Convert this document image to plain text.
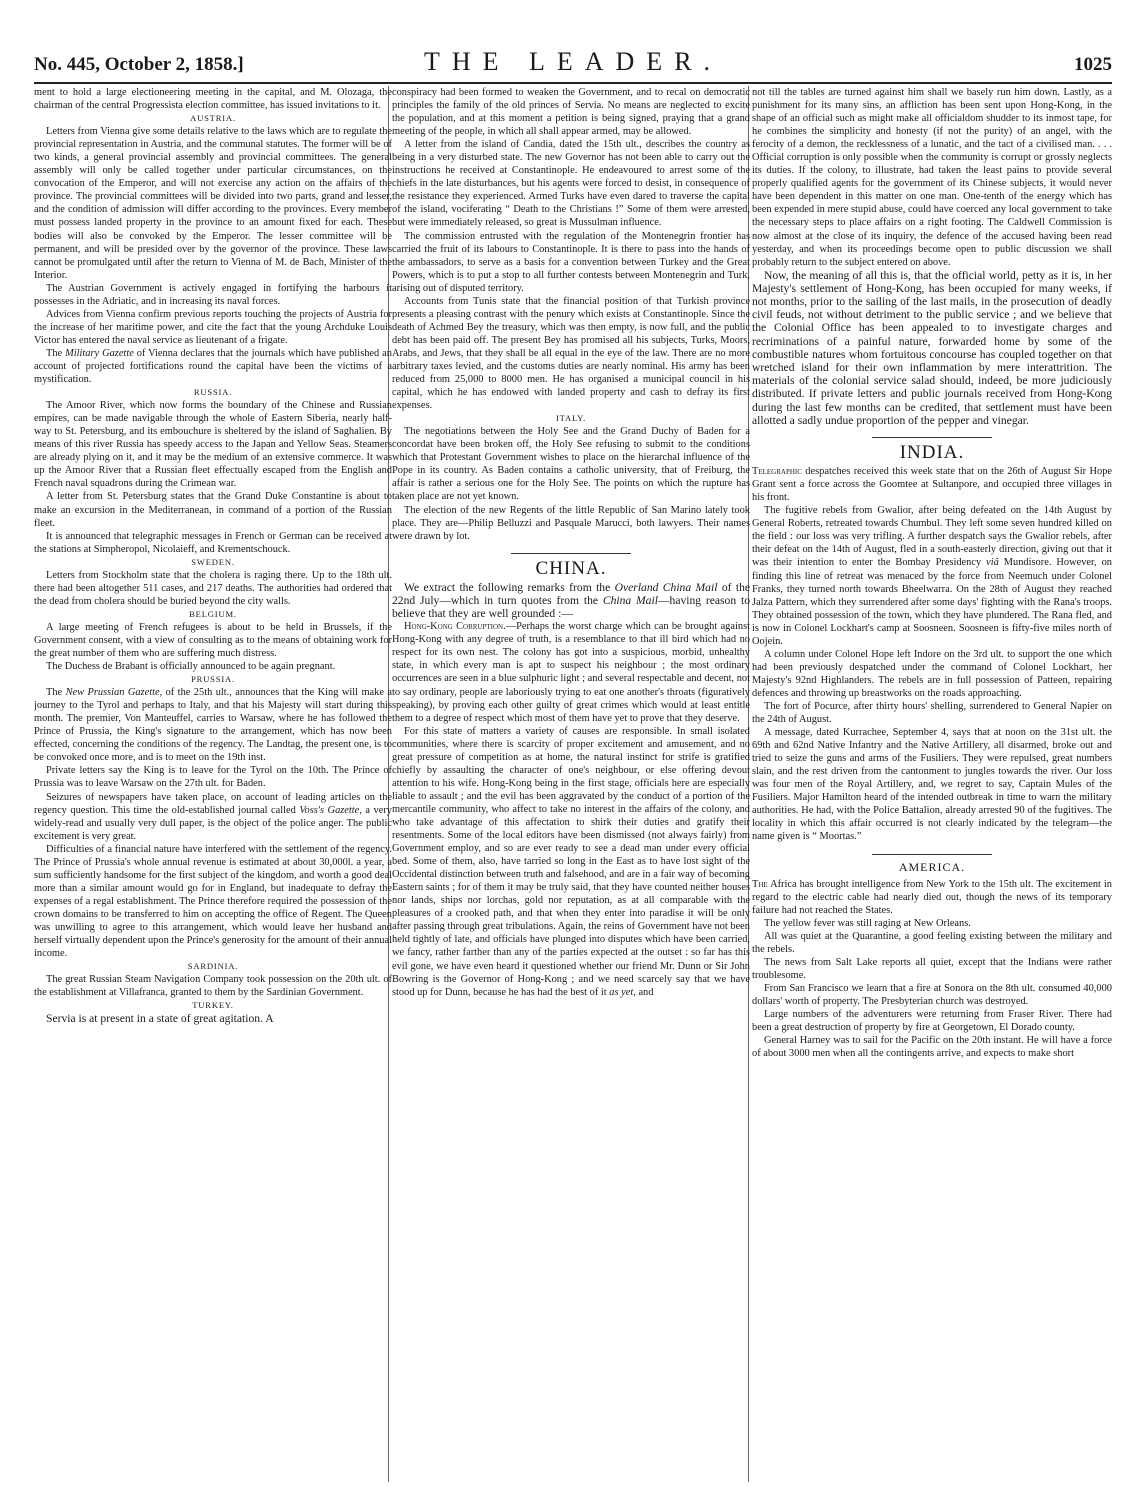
No. 445, October 2, 1858.]	THE LEADER.	1025

ment to hold a large electioneering meeting in the capital, and M. Olozaga, the chairman of the central Progressista election committee, has issued invitations to it.

AUSTRIA.

Letters from Vienna give some details relative to the laws which are to regulate the provincial representation in Austria, and the communal statutes. The former will be of two kinds, a general provincial assembly and provincial committees. The general assembly will only be called together under particular circumstances, on the convocation of the Emperor, and will not exercise any action on the affairs of the province. The provincial committees will be divided into two parts, grand and lesser, and the condition of admission will differ according to the provinces. Every member must possess landed property in the province to an amount fixed for each. These bodies will also be convoked by the Emperor. The lesser committee will be permanent, and will be presided over by the governor of the province. These laws cannot be promulgated until after the return to Vienna of M. de Bach, Minister of the Interior.

The Austrian Government is actively engaged in fortifying the harbours it possesses in the Adriatic, and in increasing its naval forces.

Advices from Vienna confirm previous reports touching the projects of Austria for the increase of her maritime power, and cite the fact that the young Archduke Louis Victor has entered the naval service as lieutenant of a frigate.

The Military Gazette of Vienna declares that the journals which have published an account of projected fortifications round the capital have been the victims of a mystification.

RUSSIA.

The Amoor River, which now forms the boundary of the Chinese and Russian empires, can be made navigable through the whole of Eastern Siberia, nearly half-way to St. Petersburg, and its embouchure is sheltered by the island of Saghalien. By means of this river Russia has speedy access to the Japan and Yellow Seas. Steamers are already plying on it, and it may be the medium of an extensive commerce. It was up the Amoor River that a Russian fleet effectually escaped from the English and French naval squadrons during the Crimean war.

A letter from St. Petersburg states that the Grand Duke Constantine is about to make an excursion in the Mediterranean, in command of a portion of the Russian fleet.

It is announced that telegraphic messages in French or German can be received at the stations at Simpheropol, Nicolaieff, and Krementschouck.

SWEDEN.

Letters from Stockholm state that the cholera is raging there. Up to the 18th ult. there had been altogether 511 cases, and 217 deaths. The authorities had ordered that the dead from cholera should be buried beyond the city walls.

BELGIUM.

A large meeting of French refugees is about to be held in Brussels, if the Government consent, with a view of consulting as to the means of obtaining work for the great number of them who are suffering much distress.

The Duchess de Brabant is officially announced to be again pregnant.

PRUSSIA.

The New Prussian Gazette, of the 25th ult., announces that the King will make a journey to the Tyrol and perhaps to Italy, and that his Majesty will start during this month. The premier, Von Manteuffel, carries to Warsaw, where he has followed the Prince of Prussia, the King's signature to the arrangement, which has now been effected, concerning the conditions of the regency. The Landtag, the present one, is to be convoked once more, and is to meet on the 19th inst.

Private letters say the King is to leave for the Tyrol on the 10th. The Prince of Prussia was to leave Warsaw on the 27th ult. for Baden.

Seizures of newspapers have taken place, on account of leading articles on the regency question. This time the old-established journal called Voss's Gazette, a very widely-read and usually very dull paper, is the object of the police anger. The public excitement is very great.

Difficulties of a financial nature have interfered with the settlement of the regency. The Prince of Prussia's whole annual revenue is estimated at about 30,000l. a year, a sum sufficiently handsome for the first subject of the kingdom, and worth a good deal more than a similar amount would go for in England, but inadequate to defray the expenses of a regal establishment. The Prince therefore required the possession of the crown domains to be transferred to him on accepting the office of Regent. The Queen was unwilling to agree to this arrangement, which would leave her husband and herself virtually dependent upon the Prince's generosity for the amount of their annual income.

SARDINIA.

The great Russian Steam Navigation Company took possession on the 20th ult. of the establishment at Villafranca, granted to them by the Sardinian Government.

TURKEY.

Servia is at present in a state of great agitation. A

conspiracy had been formed to weaken the Government, and to recal on democratic principles the family of the old princes of Servia. No means are neglected to excite the population, and at this moment a petition is being signed, praying that a grand meeting of the people, in which all shall appear armed, may be allowed.

A letter from the island of Candia, dated the 15th ult., describes the country as being in a very disturbed state. The new Governor has not been able to carry out the instructions he received at Constantinople. He endeavoured to arrest some of the chiefs in the late disturbances, but his agents were forced to desist, in consequence of the resistance they experienced. Armed Turks have even dared to traverse the capital of the island, vociferating “ Death to the Christians !” Some of them were arrested, but were immediately released, so great is Mussulman influence.

The commission entrusted with the regulation of the Montenegrin frontier has carried the fruit of its labours to Constantinople. It is there to pass into the hands of the ambassadors, to serve as a basis for a convention between Turkey and the Great Powers, which is to put a stop to all further contests between Montenegrin and Turk, arising out of disputed territory.

Accounts from Tunis state that the financial position of that Turkish province presents a pleasing contrast with the penury which exists at Constantinople. Since the death of Achmed Bey the treasury, which was then empty, is now full, and the public debt has been paid off. The present Bey has promised all his subjects, Turks, Moors, Arabs, and Jews, that they shall be all equal in the eye of the law. There are no more arbitrary taxes levied, and the customs duties are nearly nominal. His army has been reduced from 25,000 to 8000 men. He has organised a municipal council in his capital, which he has endowed with landed property and cash to defray its first expenses.

ITALY.

The negotiations between the Holy See and the Grand Duchy of Baden for a concordat have been broken off, the Holy See refusing to submit to the conditions which that Protestant Government wishes to place on the hierarchal influence of the Pope in its country. As Baden contains a catholic university, that of Freiburg, the affair is rather a serious one for the Holy See. The points on which the rupture has taken place are not yet known.

The election of the new Regents of the little Republic of San Marino lately took place. They are—Philip Belluzzi and Pasquale Marucci, both lawyers. Their names were drawn by lot.

CHINA.

We extract the following remarks from the Overland China Mail of the 22nd July—which in turn quotes from the China Mail—having reason to believe that they are well grounded :—

Hong-Kong Corruption.—Perhaps the worst charge which can be brought against Hong-Kong with any degree of truth, is a resemblance to that ill bird which had no respect for its own nest. The colony has got into a suspicious, morbid, unhealthy state, in which every man is apt to suspect his neighbour ; the most ordinary occurrences are seen in a blue sulphuric light ; and several respectable and decent, not to say ordinary, people are laboriously trying to eat one another's throats (figuratively speaking), by proving each other guilty of great crimes which would at least entitle them to a degree of respect which most of them have yet to prove that they deserve.

For this state of matters a variety of causes are responsible. In small isolated communities, where there is scarcity of proper excitement and amusement, and no great pressure of competition as at home, the natural instinct for strife is gratified chiefly by assaulting the character of one's neighbour, or else offering devout attention to his wife. Hong-Kong being in the first stage, officials here are especially liable to assault ; and the evil has been aggravated by the conduct of a portion of the mercantile community, who affect to take no interest in the affairs of the colony, and who take advantage of this affectation to shirk their duties and gratify their resentments. Some of the local editors have been dismissed (not always fairly) from Government employ, and so are ever ready to see a dead man under every official bed. Some of them, also, have tarried so long in the East as to have lost sight of the Occidental distinction between truth and falsehood, and are in a fair way of becoming Eastern saints ; for of them it may be truly said, that they have counted neither houses nor lands, ships nor lorchas, gold nor reputation, as at all comparable with the pleasures of a crooked path, and that when they enter into paradise it will be only after passing through great tribulations. Again, the reins of Government have not been held tightly of late, and officials have plunged into disputes which have been carried, we fancy, rather farther than any of the parties expected at the outset : so far has this evil gone, we have even heard it questioned whether our friend Mr. Dunn or Sir John Bowring is the Governor of Hong-Kong ; and we need scarcely say that we have stood up for Dunn, because he has had the best of it as yet, and

not till the tables are turned against him shall we basely run him down. Lastly, as a punishment for its many sins, an affliction has been sent upon Hong-Kong, in the shape of an official such as might make all officialdom shudder to its inmost tape, for he combines the simplicity and honesty (if not the purity) of an angel, with the ferocity of a demon, the recklessness of a lunatic, and the tact of a civilised man. . . . Official corruption is only possible when the community is corrupt or grossly neglects its duties. If the colony, to illustrate, had taken the least pains to provide several properly qualified agents for the government of its Chinese subjects, it would never have been dependent in this matter on one man. One-tenth of the energy which has been expended in mere stupid abuse, could have coerced any local government to take the necessary steps to place affairs on a right footing. The Caldwell Commission is now almost at the close of its inquiry, the defence of the accused having been read yesterday, and when its proceedings become open to public discussion we shall probably return to the subject entered on above.

Now, the meaning of all this is, that the official world, petty as it is, in her Majesty's settlement of Hong-Kong, has been occupied for many weeks, if not months, prior to the sailing of the last mails, in the prosecution of deadly civil feuds, not without detriment to the public service ; and we believe that the Colonial Office has been appealed to to investigate charges and recriminations of a painful nature, forwarded home by some of the combustible natures whom fortuitous concourse has coupled together on that wretched island for their own inflammation by mere interattrition. The materials of the colonial service salad should, indeed, be more judiciously distributed. If private letters and public journals received from Hong-Kong during the last few months can be credited, that settlement must have been allotted a sadly undue proportion of the pepper and vinegar.

INDIA.

Telegraphic despatches received this week state that on the 26th of August Sir Hope Grant sent a force across the Goomtee at Sultanpore, and occupied three villages in his front.

The fugitive rebels from Gwalior, after being defeated on the 14th August by General Roberts, retreated towards Chumbul. They left some seven hundred killed on the field : our loss was very trifling. A further despatch says the Gwalior rebels, after their defeat on the 14th of August, fled in a south-easterly direction, giving out that it was their intention to enter the Bombay Presidency viâ Mundisore. However, on finding this line of retreat was menaced by the force from Neemuch under Colonel Franks, they turned north towards Bheelwarra. On the 28th of August they reached Jalza Pattern, which they surrendered after some days' fighting with the Rana's troops. They obtained possession of the town, which they have plundered. The Rana fled, and is now in Colonel Lockhart's camp at Soosneen. Soosneen is fifty-five miles north of Oojein.

A column under Colonel Hope left Indore on the 3rd ult. to support the one which had been previously despatched under the command of Colonel Lockhart, her Majesty's 92nd Highlanders. The rebels are in full possession of Patteen, repairing defences and throwing up breastworks on the roads approaching.

The fort of Pocurce, after thirty hours' shelling, surrendered to General Napier on the 24th of August.

A message, dated Kurrachee, September 4, says that at noon on the 31st ult. the 69th and 62nd Native Infantry and the Native Artillery, all disarmed, broke out and tried to seize the guns and arms of the Fusiliers. They were repulsed, great numbers slain, and the rest driven from the cantonment to jungles towards the river. Our loss was four men of the Royal Artillery, and, we regret to say, Captain Mules of the Fusiliers. Major Hamilton heard of the intended outbreak in time to warn the military authorities. He had, with the Police Battalion, already arrested 90 of the fugitives. The locality in which this affair occurred is not clearly indicated by the telegram—the name given is “ Moortas.”

AMERICA.

The Africa has brought intelligence from New York to the 15th ult. The excitement in regard to the electric cable had nearly died out, though the news of its temporary failure had not reached the States.

The yellow fever was still raging at New Orleans.

All was quiet at the Quarantine, a good feeling existing between the military and the rebels.

The news from Salt Lake reports all quiet, except that the Indians were rather troublesome.

From San Francisco we learn that a fire at Sonora on the 8th ult. consumed 40,000 dollars' worth of property. The Presbyterian church was destroyed.

Large numbers of the adventurers were returning from Fraser River. There had been a great destruction of property by fire at Georgetown, El Dorado county.

General Harney was to sail for the Pacific on the 20th instant. He will have a force of about 3000 men when all the contingents arrive, and expects to make short
